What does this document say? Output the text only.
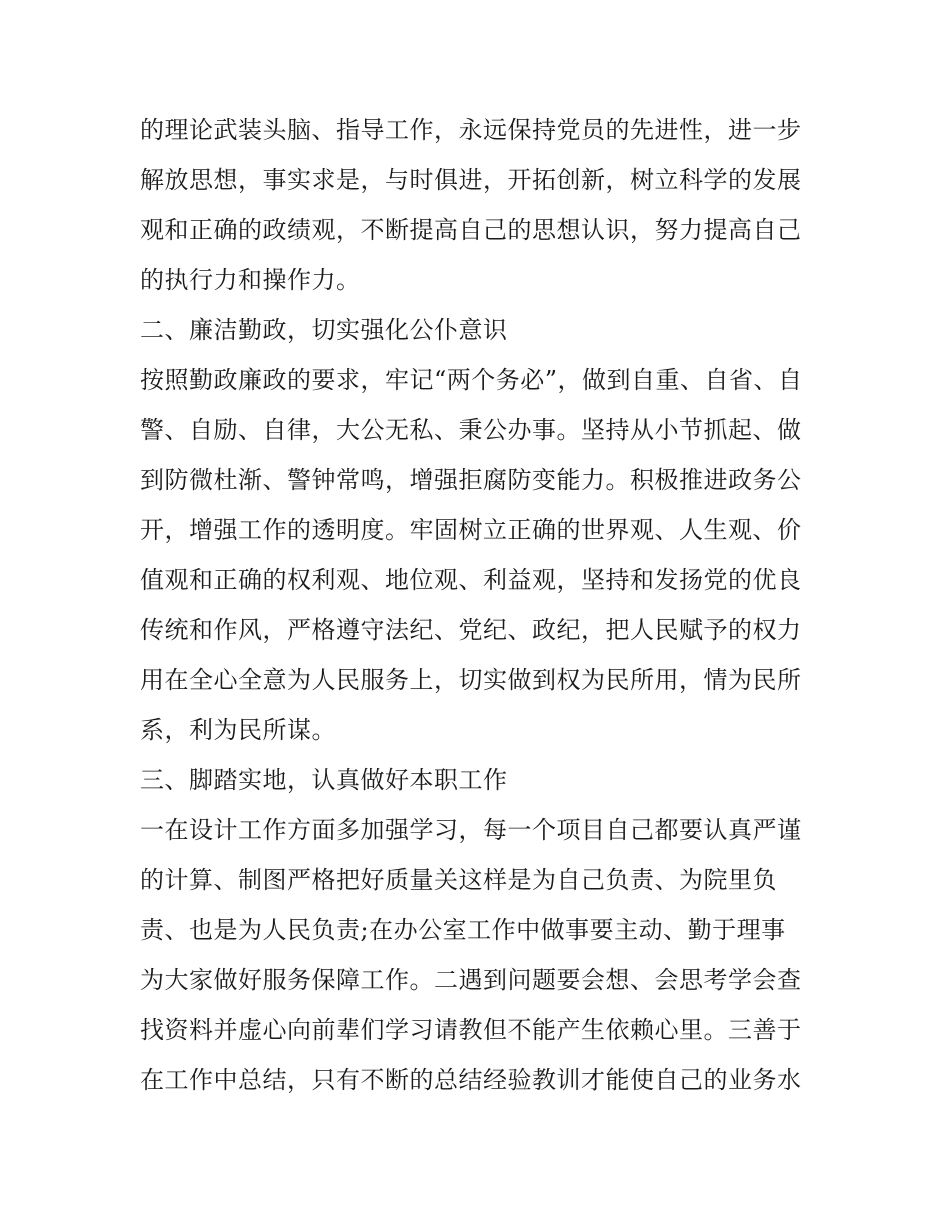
的理论武装头脑、指导工作，永远保持党员的先进性，进一步
解放思想，事实求是，与时俱进，开拓创新，树立科学的发展
观和正确的政绩观，不断提高自己的思想认识，努力提高自己
的执行力和操作力。
二、廉洁勤政，切实强化公仆意识
按照勤政廉政的要求，牢记“两个务必”，做到自重、自省、自
警、自励、自律，大公无私、秉公办事。坚持从小节抓起、做
到防微杜渐、警钟常鸣，增强拒腐防变能力。积极推进政务公
开，增强工作的透明度。牢固树立正确的世界观、人生观、价
值观和正确的权利观、地位观、利益观，坚持和发扬党的优良
传统和作风，严格遵守法纪、党纪、政纪，把人民赋予的权力
用在全心全意为人民服务上，切实做到权为民所用，情为民所
系，利为民所谋。
三、脚踏实地，认真做好本职工作
一在设计工作方面多加强学习，每一个项目自己都要认真严谨
的计算、制图严格把好质量关这样是为自己负责、为院里负
责、也是为人民负责;在办公室工作中做事要主动、勤于理事
为大家做好服务保障工作。二遇到问题要会想、会思考学会查
找资料并虚心向前辈们学习请教但不能产生依赖心里。三善于
在工作中总结，只有不断的总结经验教训才能使自己的业务水
